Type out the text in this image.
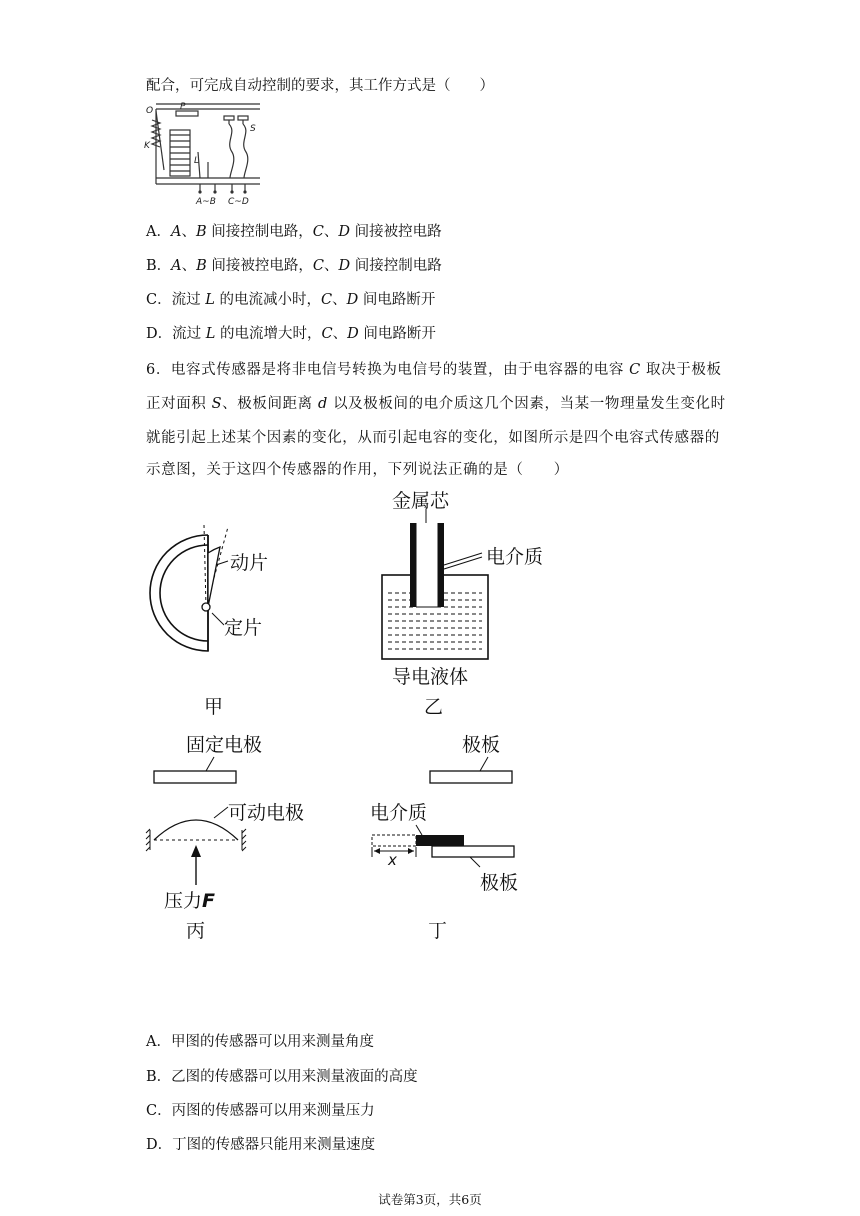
配合，可完成自动控制的要求，其工作方式是（　　）
O	P
S
K
L
A~B C~D
A．A、B 间接控制电路，C、D 间接被控电路
B．A、B 间接被控电路，C、D 间接控制电路
C．流过 L 的电流减小时，C、D 间电路断开
D．流过 L 的电流增大时，C、D 间电路断开
6．电容式传感器是将非电信号转换为电信号的装置，由于电容器的电容 C 取决于极板
正对面积 S、极板间距离 d 以及极板间的电介质这几个因素，当某一物理量发生变化时
就能引起上述某个因素的变化，从而引起电容的变化，如图所示是四个电容式传感器的
示意图，关于这四个传感器的作用，下列说法正确的是（　　）
动片
定片
甲
金属芯
电介质
导电液体
乙
固定电极
可动电极
压力F
丙
极板
电介质
x
极板
丁
A．甲图的传感器可以用来测量角度
B．乙图的传感器可以用来测量液面的高度
C．丙图的传感器可以用来测量压力
D．丁图的传感器只能用来测量速度
试卷第3页，共6页
